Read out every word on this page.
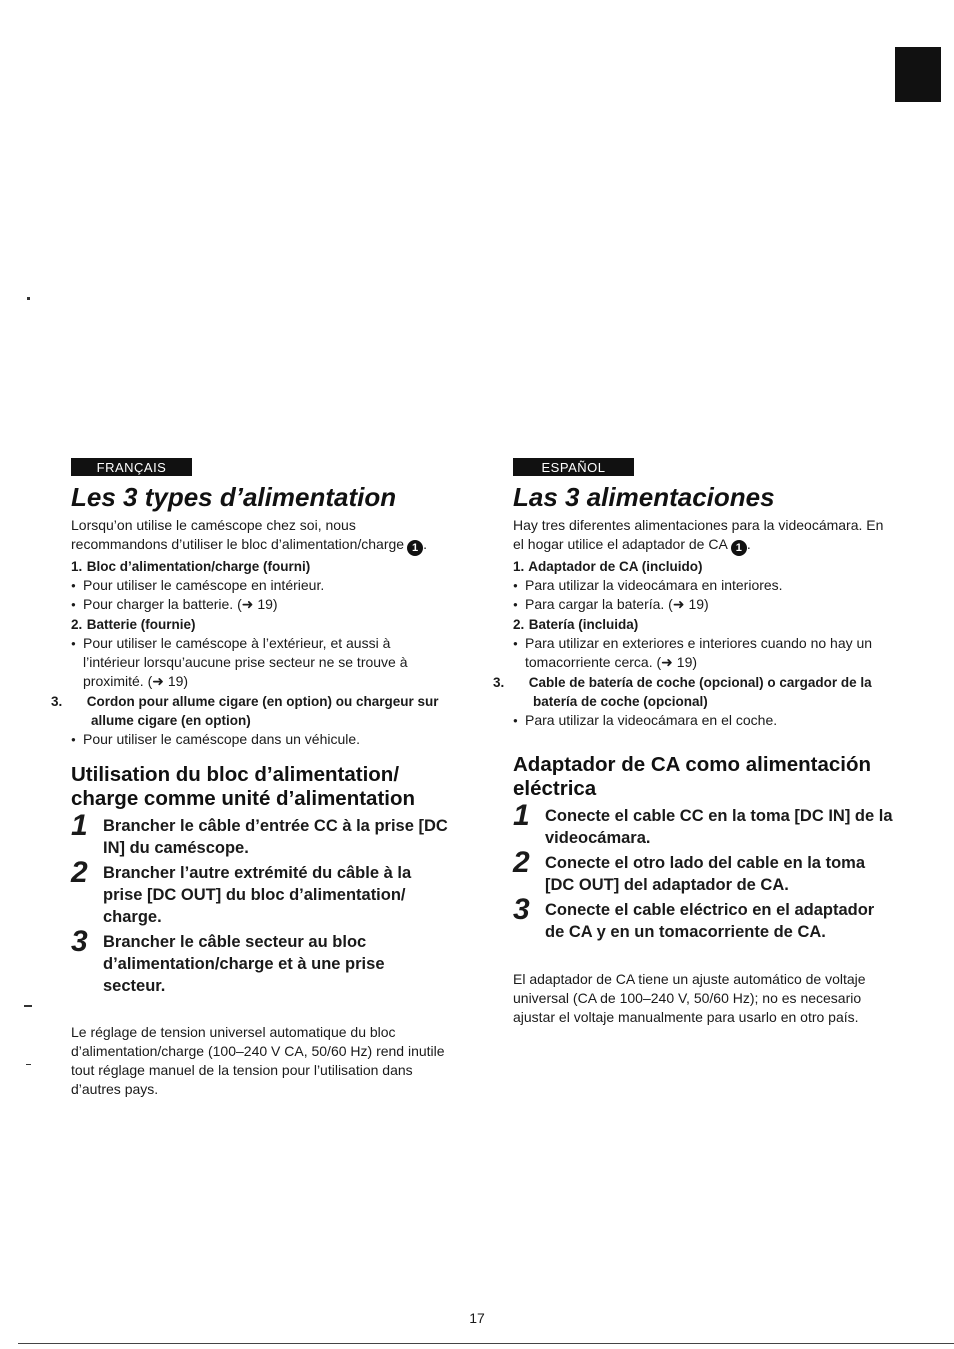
FRANÇAIS
Les 3 types d’alimentation

Lorsqu’on utilise le caméscope chez soi, nous recommandons d’utiliser le bloc d’alimentation/charge 1 .

1. Bloc d’alimentation/charge (fourni)

● Pour utiliser le caméscope en intérieur.

● Pour charger la batterie. (➜ 19)

2. Batterie (fournie)

● Pour utiliser le caméscope à l’extérieur, et aussi à l’intérieur lorsqu’aucune prise secteur ne se trouve à proximité. (➜ 19)

3. Cordon pour allume cigare (en option) ou chargeur sur allume cigare (en option)

● Pour utiliser le caméscope dans un véhicule.

Utilisation du bloc d’alimentation/ charge comme unité d’alimentation
1 Brancher le câble d’entrée CC à la prise [DC IN] du caméscope.
2 Brancher l’autre extrémité du câble à la prise [DC OUT] du bloc d’alimentation/ charge.
3 Brancher le câble secteur au bloc d’alimentation/charge et à une prise secteur.

Le réglage de tension universel automatique du bloc d’alimentation/charge (100–240 V CA, 50/60 Hz) rend inutile tout réglage manuel de la tension pour l’utilisation dans d’autres pays.

ESPAÑOL
Las 3 alimentaciones

Hay tres diferentes alimentaciones para la videocámara. En el hogar utilice el adaptador de CA 1 .

1. Adaptador de CA (incluido)

● Para utilizar la videocámara en interiores.

● Para cargar la batería. (➜ 19)

2. Batería (incluida)

● Para utilizar en exteriores e interiores cuando no hay un tomacorriente cerca. (➜ 19)

3. Cable de batería de coche (opcional) o cargador de la batería de coche (opcional)

● Para utilizar la videocámara en el coche.

Adaptador de CA como alimentación eléctrica
1 Conecte el cable CC en la toma [DC IN] de la videocámara.
2 Conecte el otro lado del cable en la toma [DC OUT] del adaptador de CA.
3 Conecte el cable eléctrico en el adaptador de CA y en un tomacorriente de CA.

El adaptador de CA tiene un ajuste automático de voltaje universal (CA de 100–240 V, 50/60 Hz); no es necesario ajustar el voltaje manualmente para usarlo en otro país.

17
